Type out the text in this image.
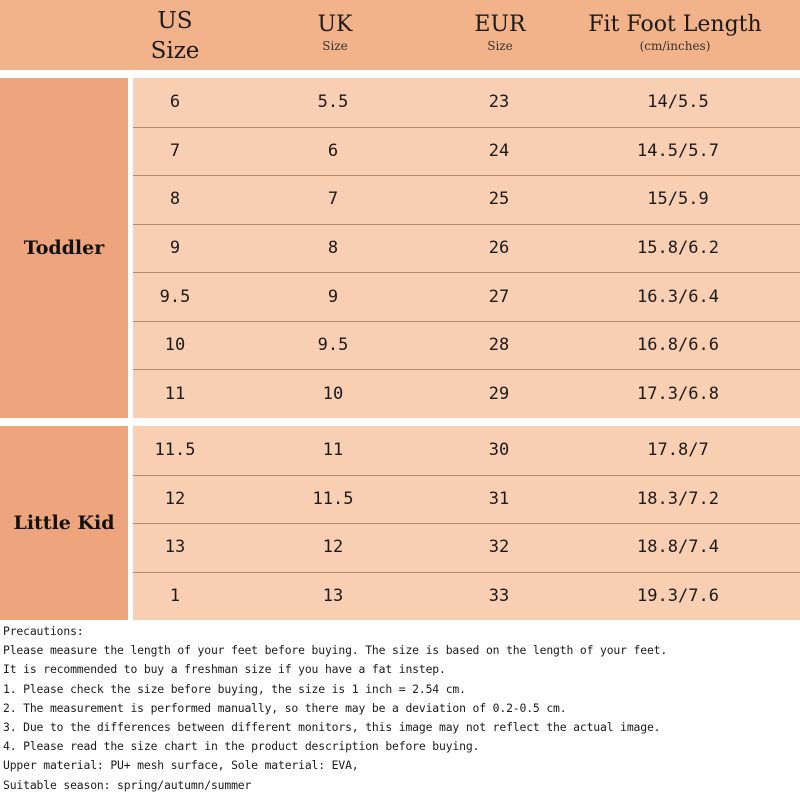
US
Size
UK
Size
EUR
Size
Fit Foot Length
(cm/inches)
Toddler
6	5.5	23	14/5.5
7	6	24	14.5/5.7
8	7	25	15/5.9
9	8	26	15.8/6.2
9.5	9	27	16.3/6.4
10	9.5	28	16.8/6.6
11	10	29	17.3/6.8
Little Kid
11.5	11	30	17.8/7
12	11.5	31	18.3/7.2
13	12	32	18.8/7.4
1	13	33	19.3/7.6
Precautions:
Please measure the length of your feet before buying. The size is based on the length of your feet.
It is recommended to buy a freshman size if you have a fat instep.
1. Please check the size before buying, the size is 1 inch = 2.54 cm.
2. The measurement is performed manually, so there may be a deviation of 0.2-0.5 cm.
3. Due to the differences between different monitors, this image may not reflect the actual image.
4. Please read the size chart in the product description before buying.
Upper material: PU+ mesh surface, Sole material: EVA,
Suitable season: spring/autumn/summer
